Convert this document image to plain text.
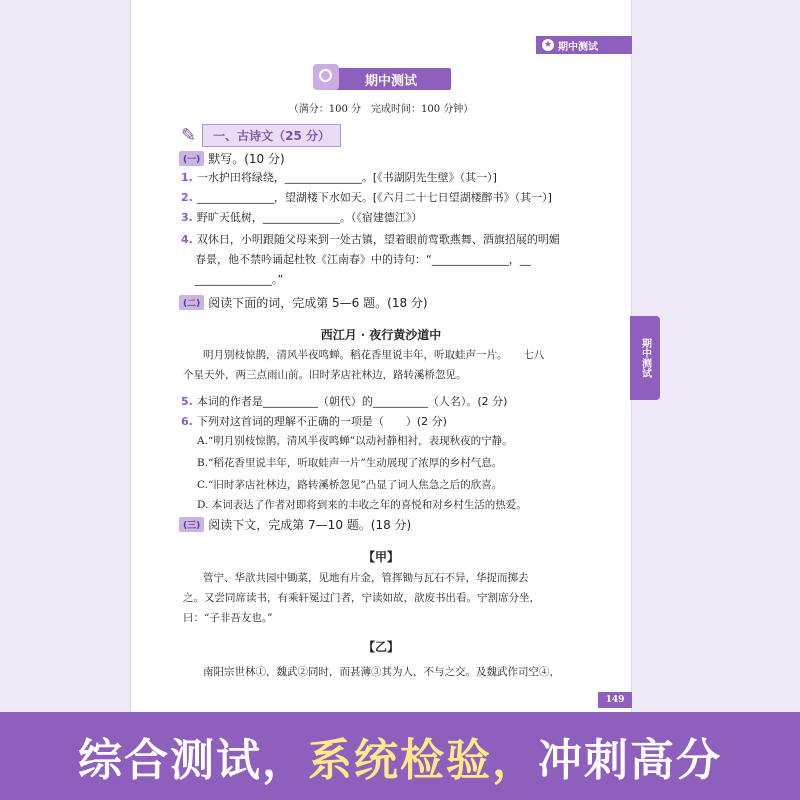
★ 期中测试
期中测试
（满分：100 分　完成时间：100 分钟）
✎	一、古诗文（25 分）
(一) 默写。(10 分)
1. 一水护田将绿绕，______________。[《书湖阴先生壁》（其一）]
2. ______________，望湖楼下水如天。[《六月二十七日望湖楼醉书》（其一）]
3. 野旷天低树，______________。（《宿建德江》）
4. 双休日，小明跟随父母来到一处古镇，望着眼前莺歌燕舞、酒旗招展的明媚
春景，他不禁吟诵起杜牧《江南春》中的诗句：“______________，__
______________。”
(二) 阅读下面的词，完成第 5—6 题。(18 分)
西江月 · 夜行黄沙道中
明月别枝惊鹊，清风半夜鸣蝉。稻花香里说丰年，听取蛙声一片。　　七八
个星天外，两三点雨山前。旧时茅店社林边，路转溪桥忽见。
5. 本词的作者是__________（朝代）的__________（人名）。(2 分)
6. 下列对这首词的理解不正确的一项是（　　）(2 分)
A.“明月别枝惊鹊，清风半夜鸣蝉”以动衬静相衬，表现秋夜的宁静。
B.“稻花香里说丰年，听取蛙声一片”生动展现了浓厚的乡村气息。
C.“旧时茅店社林边，路转溪桥忽见”凸显了词人焦急之后的欣喜。
D. 本词表达了作者对即将到来的丰收之年的喜悦和对乡村生活的热爱。
(三) 阅读下文，完成第 7—10 题。(18 分)
【甲】
管宁、华歆共园中锄菜，见地有片金，管挥锄与瓦石不异，华捉而掷去
之。又尝同席读书，有乘轩冕过门者，宁读如故，歆废书出看。宁割席分坐，
曰：“子非吾友也。”
【乙】
南阳宗世林①，魏武②同时，而甚薄③其为人，不与之交。及魏武作司空④，
149
期中测试
综合测试， 系统检验， 冲刺高分
